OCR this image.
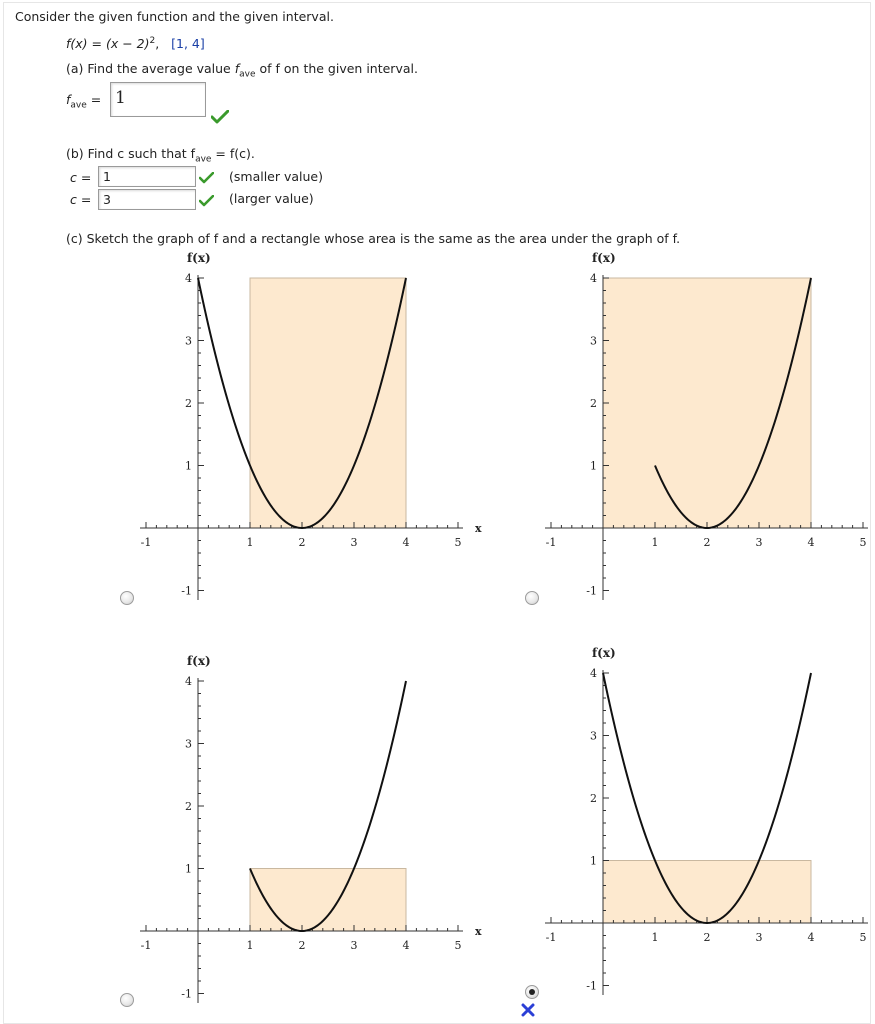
Consider the given function and the given interval.
$f(x) = (x - 2)^2$, [1, 4]
(a) Find the average value $f_{ave}$ of f on the given interval.
$f_{ave} = 1$
(b) Find c such that $f_{ave} = f(c)$.
c = 1	(smaller value)
c = 3	(larger value)
(c) Sketch the graph of f and a rectangle whose area is the same as the area under the graph of f.
-1	1	2	3	4	5
-1
1
2
3
4
f(x)
x
-1	1	2	3	4	5
-1
1
2
3
4
f(x)
-1	1	2	3	4	5
-1
1
2
3
4
f(x)
x	-1	1	2	3	4	5
-1
1
2
3
4
f(x)
